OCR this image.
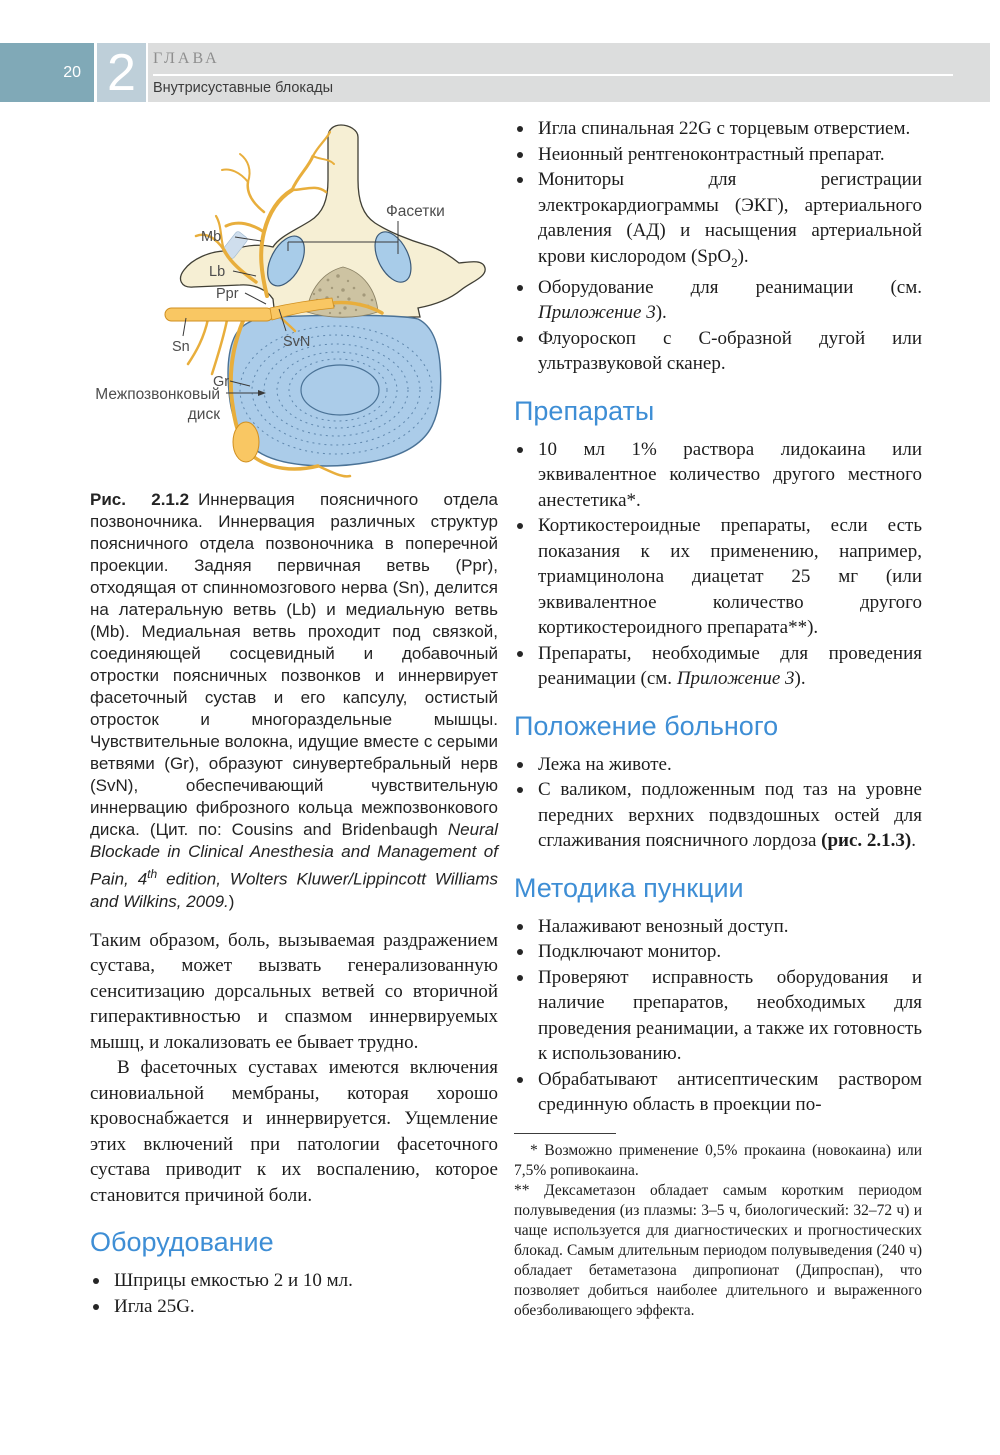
20 2	ГЛАВА
Внутрисуставные блокады
Фасетки
Mb
Lb
Ppr
Sn	SvN
Gr
Межпозвонковый
диск

Рис. 2.1.2 Иннервация поясничного отдела позвоночника. Иннервация различных структур поясничного отдела позвоночника в поперечной проекции. Задняя первичная ветвь (Ppr), отходящая от спинномозгового нерва (Sn), делится на латеральную ветвь (Lb) и медиальную ветвь (Mb). Медиальная ветвь проходит под связкой, соединяющей сосцевидный и добавочный отростки поясничных позвонков и иннервирует фасеточный сустав и его капсулу, остистый отросток и многораздельные мышцы. Чувствительные волокна, идущие вместе с серыми ветвями (Gr), образуют синувертебральный нерв (SvN), обеспечивающий чувствительную иннервацию фиброзного кольца межпозвонкового диска. (Цит. по: Cousins and Bridenbaugh Neural Blockade in Clinical Anesthesia and Management of Pain, 4th edition, Wolters Kluwer/Lippincott Williams and Wilkins, 2009.)

Таким образом, боль, вызываемая раздражением сустава, может вызвать генерализованную сенситизацию дорсальных ветвей со вторичной гиперактивностью и спазмом иннервируемых мышц, и локализовать ее бывает трудно.

В фасеточных суставах имеются включения синовиальной мембраны, которая хорошо кровоснабжается и иннервируется. Ущемление этих включений при патологии фасеточного сустава приводит к их воспалению, которое становится причиной боли.

Оборудование
Шприцы емкостью 2 и 10 мл.
Игла 25G.
Игла спинальная 22G с торцевым отверстием.
Неионный рентгеноконтрастный препарат.
Мониторы для регистрации электрокардиограммы (ЭКГ), артериального давления (АД) и насыщения артериальной крови кислородом (SpO$_2$).
Оборудование для реанимации (см. Приложение 3).
Флуороскоп с С-образной дугой или ультразвуковой сканер.
Препараты
10 мл 1% раствора лидокаина или эквивалентное количество другого местного анестетика*.
Кортикостероидные препараты, если есть показания к их применению, например, триамцинолона диацетат 25 мг (или эквивалентное количество другого кортикостероидного препарата**).
Препараты, необходимые для проведения реанимации (см. Приложение 3).
Положение больного
Лежа на животе.
С валиком, подложенным под таз на уровне передних верхних подвздошных остей для сглаживания поясничного лордоза (рис. 2.1.3).
Методика пункции
Налаживают венозный доступ.
Подключают монитор.
Проверяют исправность оборудования и наличие препаратов, необходимых для проведения реанимации, а также их готовность к использованию.
Обрабатывают антисептическим раствором срединную область в проекции по-

* Возможно применение 0,5% прокаина (новокаина) или 7,5% ропивокаина.

** Дексаметазон обладает самым коротким периодом полувыведения (из плазмы: 3–5 ч, биологический: 32–72 ч) и чаще используется для диагностических и прогностических блокад. Самым длительным периодом полувыведения (240 ч) обладает бетаметазона дипропионат (Дипроспан), что позволяет добиться наиболее длительного и выраженного обезболивающего эффекта.
